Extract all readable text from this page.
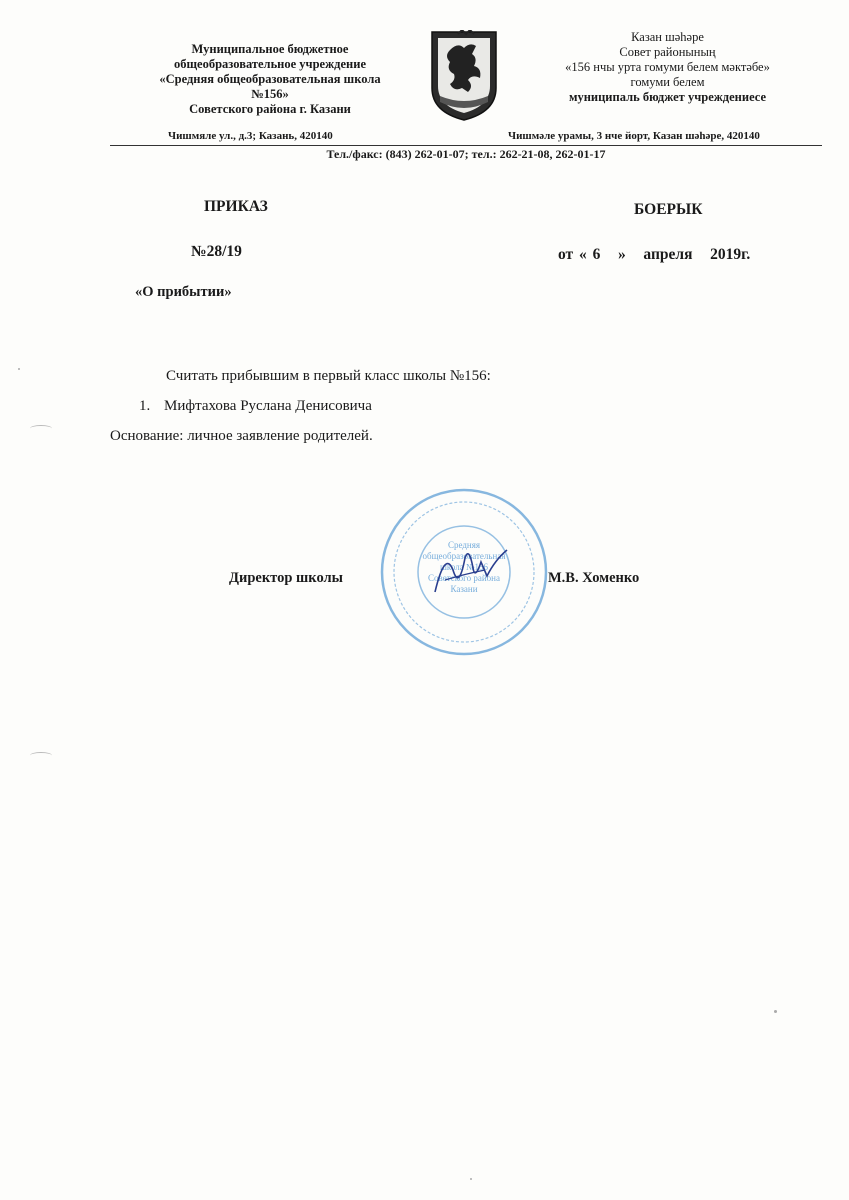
Муниципальное бюджетное
общеобразовательное учреждение
«Средняя общеобразовательная школа №156»
Советского района г. Казани
Казан шәһәре
Совет районының
«156 нчы урта гомуми белем мәктәбе»
гомуми белем
муниципаль бюджет учреждениесе
Чишмяле ул., д.3; Казань, 420140	Чишмәле урамы, 3 нче йорт, Казан шәһәре, 420140
Тел./факс: (843) 262-01-07; тел.: 262-21-08, 262-01-17
ПРИКАЗ	БОЕРЫК
№28/19	от « 6   »   апреля   2019г.
«О прибытии»
Считать прибывшим в первый класс школы №156:
1. Мифтахова Руслана Денисовича
Основание: личное заявление родителей.
Средняя
общеобразовательная
школа №156
Советского района
Казани
Директор школы	М.В. Хоменко
